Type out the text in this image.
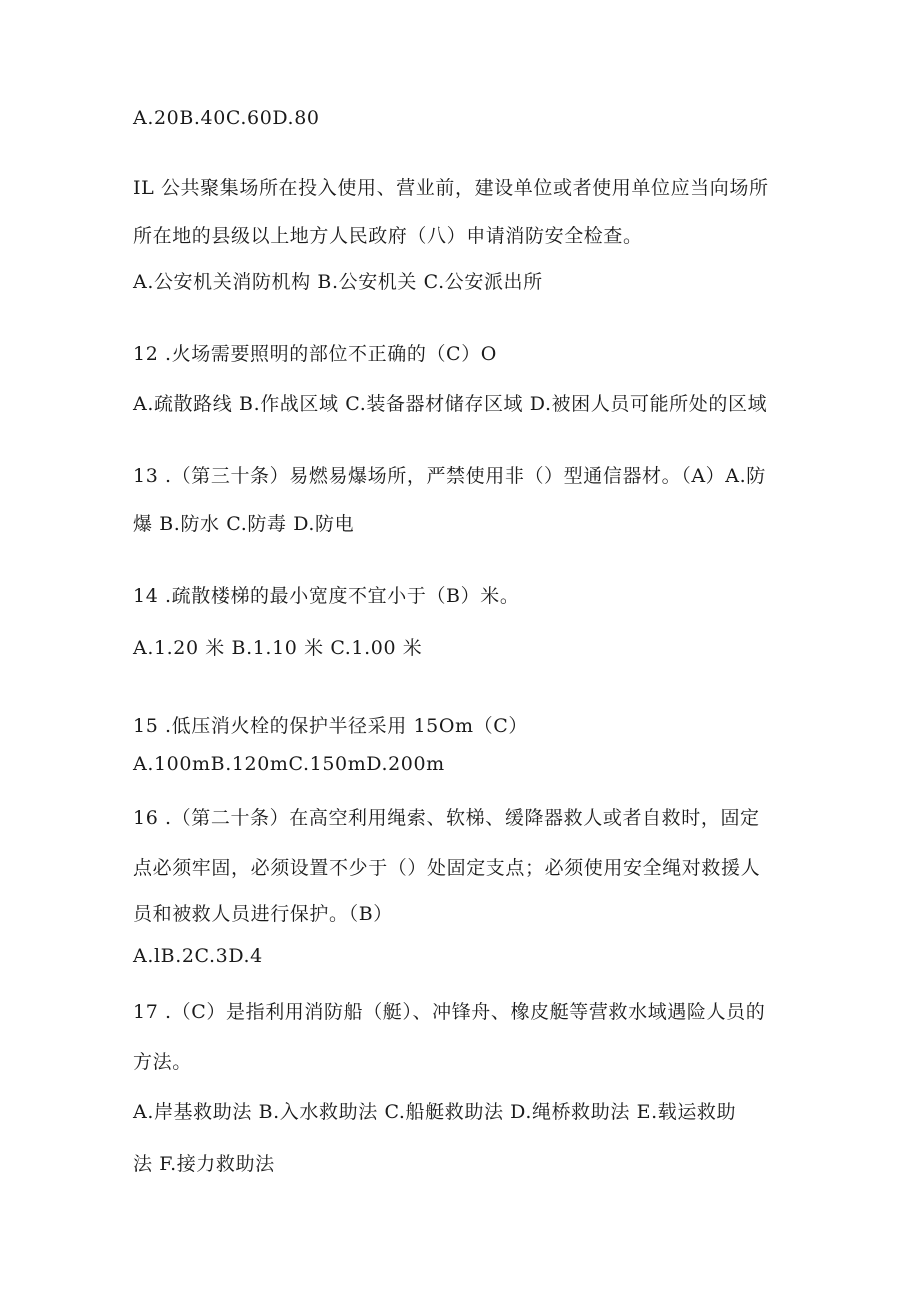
A.20B.40C.60D.80
IL 公共聚集场所在投入使用、营业前，建设单位或者使用单位应当向场所
所在地的县级以上地方人民政府（八）申请消防安全检查。
A.公安机关消防机构 B.公安机关 C.公安派出所
12 .火场需要照明的部位不正确的（C）O
A.疏散路线 B.作战区域 C.装备器材储存区域 D.被困人员可能所处的区域
13 .（第三十条）易燃易爆场所，严禁使用非（）型通信器材。（A）A.防
爆 B.防水 C.防毒 D.防电
14 .疏散楼梯的最小宽度不宜小于（B）米。
A.1.20 米 B.1.10 米 C.1.00 米
15 .低压消火栓的保护半径采用 15Om（C）
A.100mB.120mC.150mD.200m
16 .（第二十条）在高空利用绳索、软梯、缓降器救人或者自救时，固定
点必须牢固，必须设置不少于（）处固定支点；必须使用安全绳对救援人
员和被救人员进行保护。（B）
A.lB.2C.3D.4
17 .（C）是指利用消防船（艇）、冲锋舟、橡皮艇等营救水域遇险人员的
方法。
A.岸基救助法 B.入水救助法 C.船艇救助法 D.绳桥救助法 E.载运救助
法 F.接力救助法
